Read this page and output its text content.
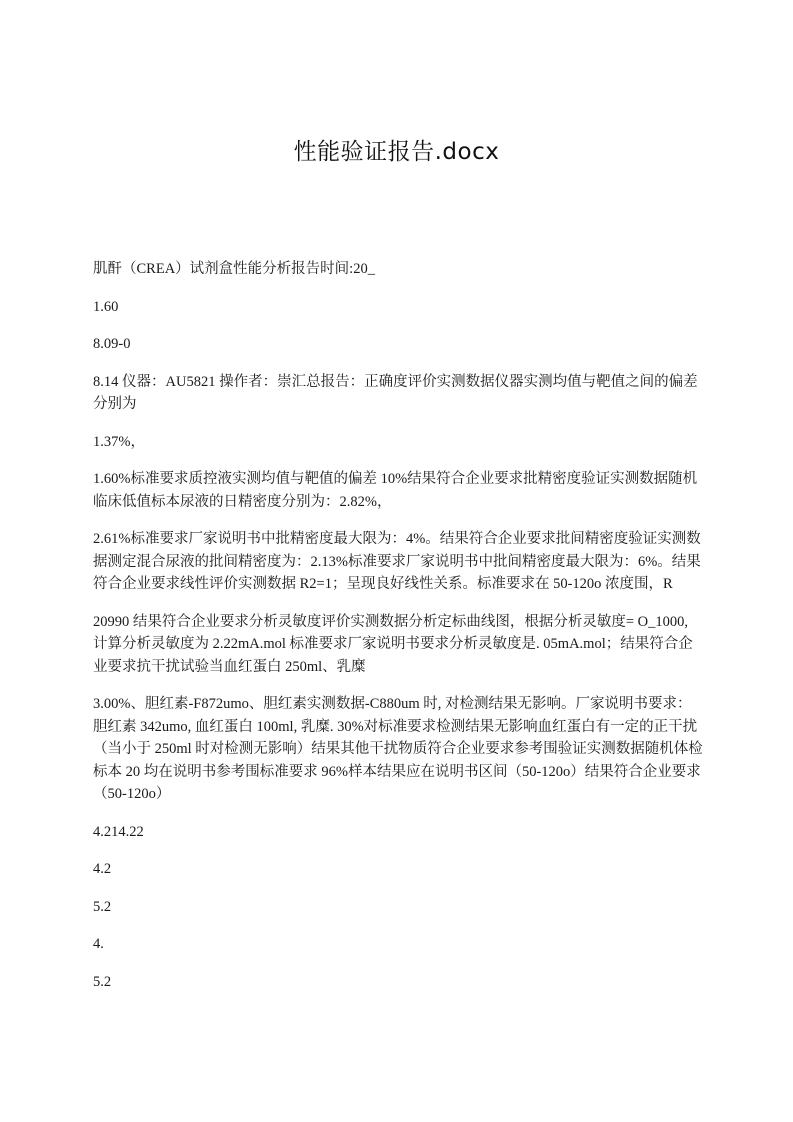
性能验证报告.docx

肌酐（CREA）试剂盒性能分析报告时间:20_

1.60

8.09-0

8.14 仪器：AU5821 操作者：崇汇总报告：正确度评价实测数据仪器实测均值与靶值之间的偏差分别为

1.37%，

1.60%标准要求质控液实测均值与靶值的偏差 10%结果符合企业要求批精密度验证实测数据随机临床低值标本尿液的日精密度分别为：2.82%，

2.61%标准要求厂家说明书中批精密度最大限为：4%。结果符合企业要求批间精密度验证实测数据测定混合尿液的批间精密度为：2.13%标准要求厂家说明书中批间精密度最大限为：6%。结果符合企业要求线性评价实测数据 R2=1；呈现良好线性关系。标准要求在 50-120o 浓度围，R

20990 结果符合企业要求分析灵敏度评价实测数据分析定标曲线图，根据分析灵敏度= O_1000, 计算分析灵敏度为 2.22mA.mol 标准要求厂家说明书要求分析灵敏度是. 05mA.mol；结果符合企业要求抗干扰试验当血红蛋白 250ml、乳糜

3.00%、胆红素-F872umo、胆红素实测数据-C880um 时, 对检测结果无影响。厂家说明书要求：胆红素 342umo, 血红蛋白 100ml, 乳糜. 30%对标准要求检测结果无影响血红蛋白有一定的正干扰（当小于 250ml 时对检测无影响）结果其他干扰物质符合企业要求参考围验证实测数据随机体检标本 20 均在说明书参考围标准要求 96%样本结果应在说明书区间（50-120o）结果符合企业要求（50-120o）

4.214.22

4.2

5.2

4.

5.2
